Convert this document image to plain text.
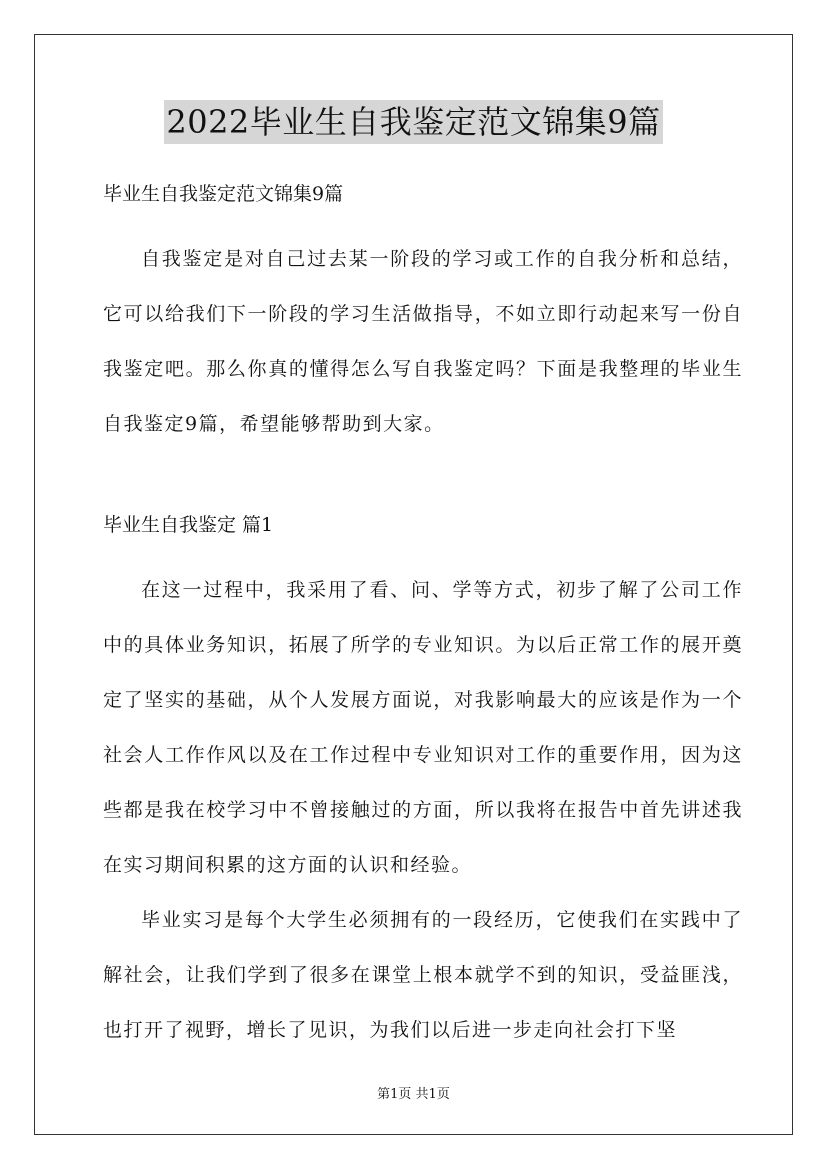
2022毕业生自我鉴定范文锦集9篇

毕业生自我鉴定范文锦集9篇

自我鉴定是对自己过去某一阶段的学习或工作的自我分析和总结，它可以给我们下一阶段的学习生活做指导，不如立即行动起来写一份自我鉴定吧。那么你真的懂得怎么写自我鉴定吗？下面是我整理的毕业生自我鉴定9篇，希望能够帮助到大家。

毕业生自我鉴定 篇1

在这一过程中，我采用了看、问、学等方式，初步了解了公司工作中的具体业务知识，拓展了所学的专业知识。为以后正常工作的展开奠定了坚实的基础，从个人发展方面说，对我影响最大的应该是作为一个社会人工作作风以及在工作过程中专业知识对工作的重要作用，因为这些都是我在校学习中不曾接触过的方面，所以我将在报告中首先讲述我在实习期间积累的这方面的认识和经验。

毕业实习是每个大学生必须拥有的一段经历，它使我们在实践中了解社会，让我们学到了很多在课堂上根本就学不到的知识，受益匪浅，也打开了视野，增长了见识，为我们以后进一步走向社会打下坚

第1页 共1页
